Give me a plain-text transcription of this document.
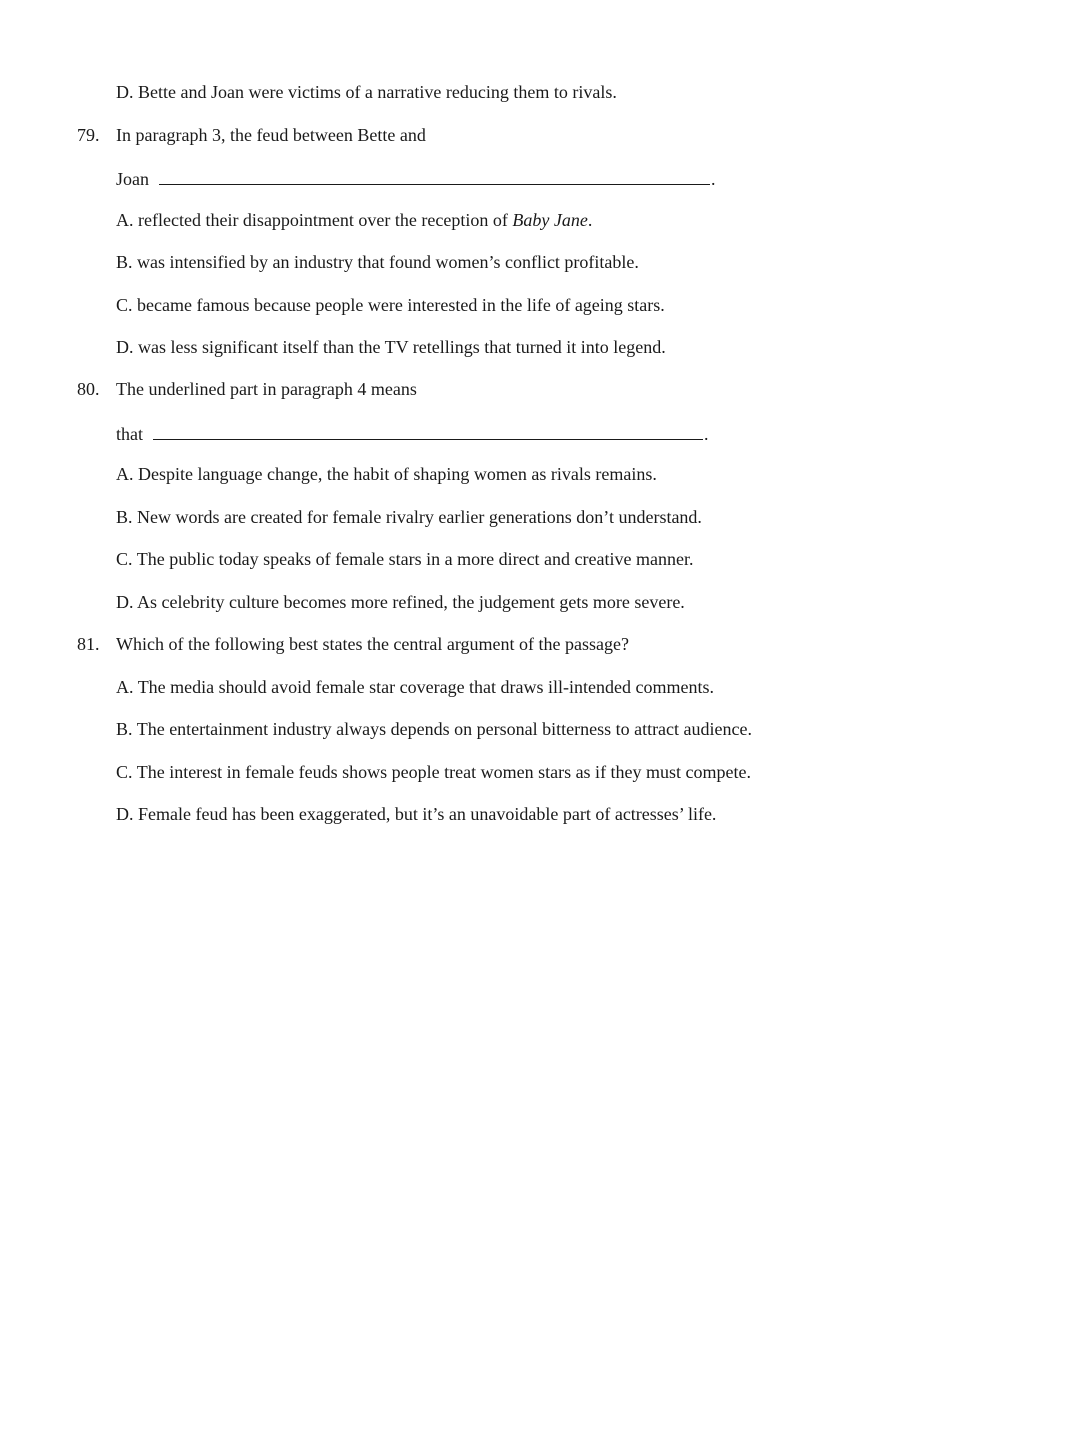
D. Bette and Joan were victims of a narrative reducing them to rivals.
79. In paragraph 3, the feud between Bette and
Joan	.
A. reflected their disappointment over the reception of Baby Jane.
B. was intensified by an industry that found women’s conflict profitable.
C. became famous because people were interested in the life of ageing stars.
D. was less significant itself than the TV retellings that turned it into legend.
80. The underlined part in paragraph 4 means
that	.
A. Despite language change, the habit of shaping women as rivals remains.
B. New words are created for female rivalry earlier generations don’t understand.
C. The public today speaks of female stars in a more direct and creative manner.
D. As celebrity culture becomes more refined, the judgement gets more severe.
81. Which of the following best states the central argument of the passage?
A. The media should avoid female star coverage that draws ill-intended comments.
B. The entertainment industry always depends on personal bitterness to attract audience.
C. The interest in female feuds shows people treat women stars as if they must compete.
D. Female feud has been exaggerated, but it’s an unavoidable part of actresses’ life.
